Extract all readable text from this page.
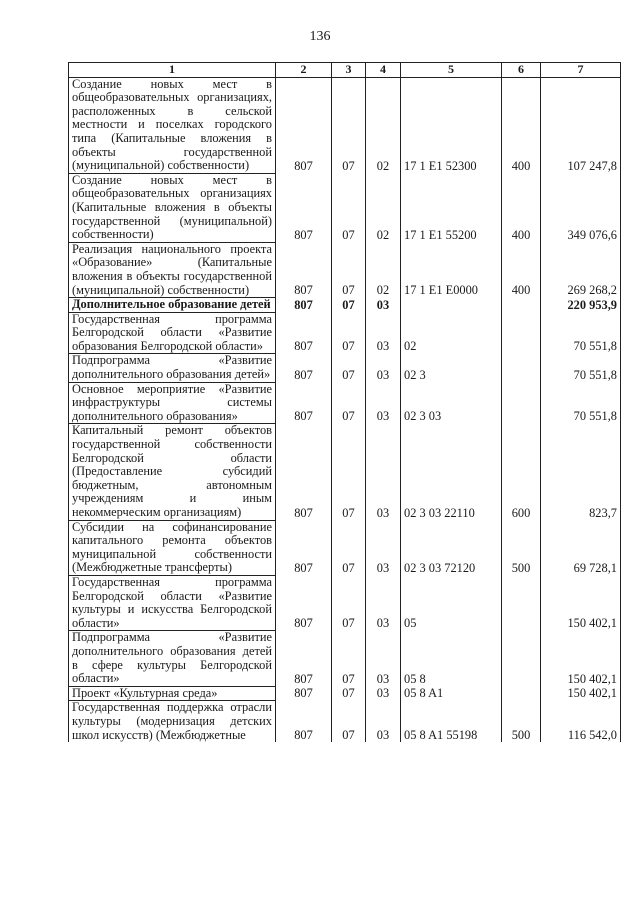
136
1	2	3	4	5	6	7
Создание новых мест в общеобразовательных организациях, расположенных в сельской местности и поселках городского типа (Капитальные вложения в объекты государственной (муниципальной) собственности)	807	07	02	17 1 E1 52300	400	107 247,8
Создание новых мест в общеобразовательных организациях (Капитальные вложения в объекты государственной (муниципальной) собственности)	807	07	02	17 1 E1 55200	400	349 076,6
Реализация национального проекта «Образование» (Капитальные вложения в объекты государственной (муниципальной) собственности)	807	07	02	17 1 E1 E0000	400	269 268,2
Дополнительное образование детей	807	07	03			220 953,9
Государственная программа Белгородской области «Развитие образования Белгородской области»	807	07	03	02		70 551,8
Подпрограмма «Развитие дополнительного образования детей»	807	07	03	02 3		70 551,8
Основное мероприятие «Развитие инфраструктуры системы дополнительного образования»	807	07	03	02 3 03		70 551,8
Капитальный ремонт объектов государственной собственности Белгородской области (Предоставление субсидий бюджетным, автономным учреждениям и иным некоммерческим организациям)	807	07	03	02 3 03 22110	600	823,7
Субсидии на софинансирование капитального ремонта объектов муниципальной собственности (Межбюджетные трансферты)	807	07	03	02 3 03 72120	500	69 728,1
Государственная программа Белгородской области «Развитие культуры и искусства Белгородской области»	807	07	03	05		150 402,1
Подпрограмма «Развитие дополнительного образования детей в сфере культуры Белгородской области»	807	07	03	05 8		150 402,1
Проект «Культурная среда»	807	07	03	05 8 A1		150 402,1
Государственная поддержка отрасли культуры (модернизация детских школ искусств) (Межбюджетные	807	07	03	05 8 A1 55198	500	116 542,0
